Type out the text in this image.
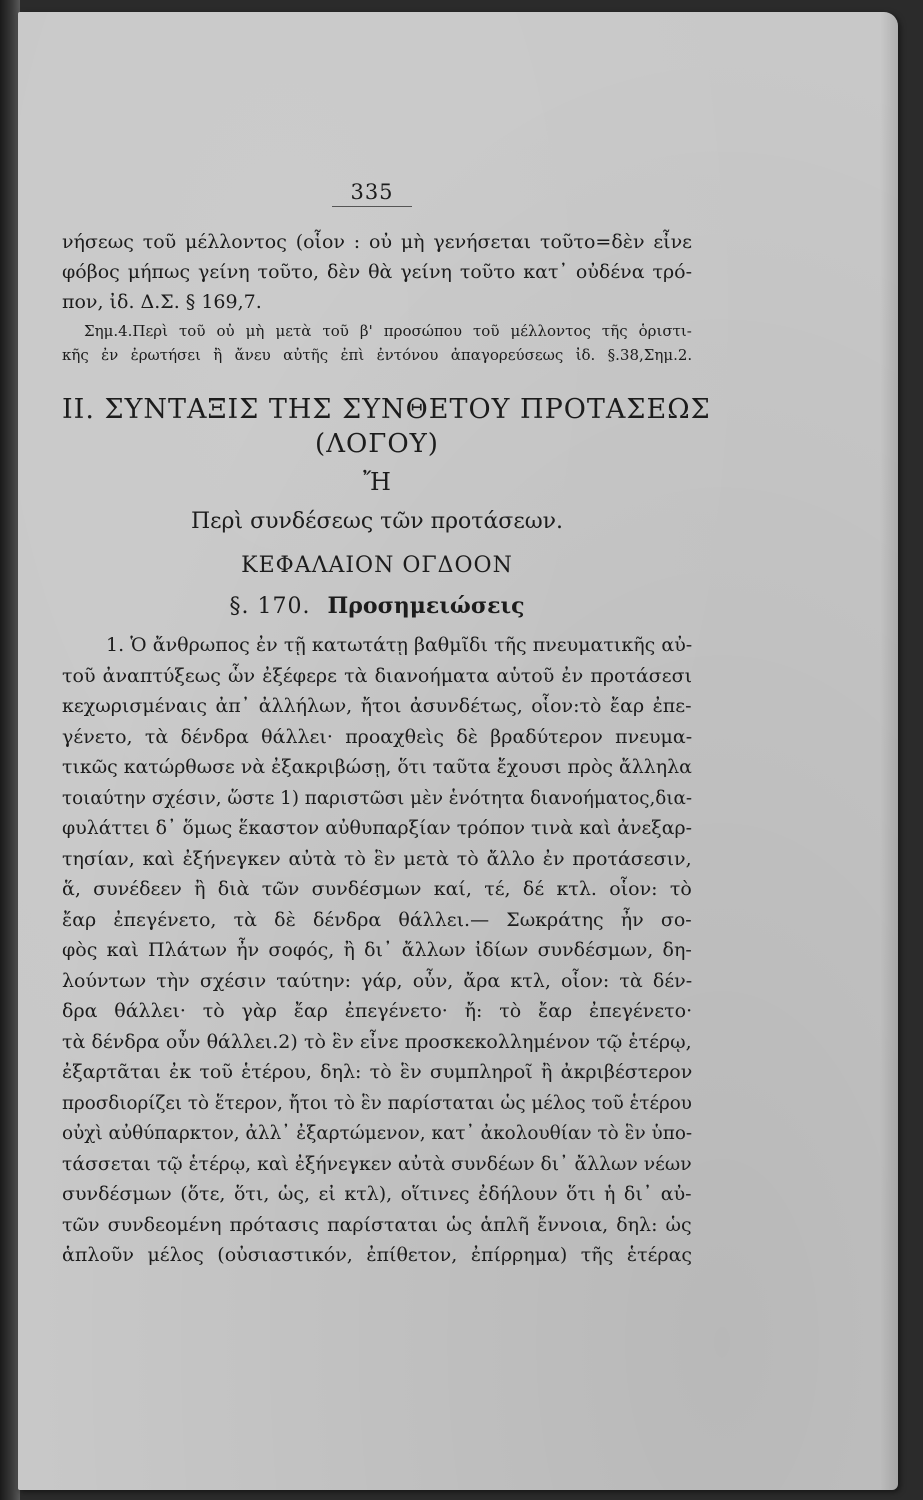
335
νήσεως τοῦ μέλλοντος (οἷον : οὐ μὴ γενήσεται τοῦτο=δὲν εἶνε
φόβος μήπως γείνη τοῦτο, δὲν θὰ γείνη τοῦτο κατ᾽ οὐδένα τρό-
πον, ἰδ. Δ.Σ. § 169,7.
Σημ.4.Περὶ τοῦ οὐ μὴ μετὰ τοῦ β' προσώπου τοῦ μέλλοντος τῆς ὁριστι-
κῆς ἐν ἐρωτήσει ἢ ἄνευ αὐτῆς ἐπὶ ἐντόνου ἀπαγορεύσεως ἰδ. §.38,Σημ.2.
II. ΣΥΝΤΑΞΙΣ ΤΗΣ ΣΥΝΘΕΤΟΥ ΠΡΟΤΑΣΕΩΣ
(ΛΟΓΟΥ)
Ἤ
Περὶ συνδέσεως τῶν προτάσεων.
ΚΕΦΑΛΑΙΟΝ ΟΓΔΟΟΝ
§. 170. Προσημειώσεις
1. Ὁ ἄνθρωπος ἐν τῇ κατωτάτῃ βαθμῖδι τῆς πνευματικῆς αὐ-
τοῦ ἀναπτύξεως ὧν ἐξέφερε τὰ διανοήματα αὑτοῦ ἐν προτάσεσι
κεχωρισμέναις ἀπ᾽ ἀλλήλων, ἤτοι ἀσυνδέτως, οἷον:τὸ ἔαρ ἐπε-
γένετο, τὰ δένδρα θάλλει· προαχθεὶς δὲ βραδύτερον πνευμα-
τικῶς κατώρθωσε νὰ ἐξακριβώσῃ, ὅτι ταῦτα ἔχουσι πρὸς ἄλληλα
τοιαύτην σχέσιν, ὥστε 1) παριστῶσι μὲν ἑνότητα διανοήματος,δια-
φυλάττει δ᾽ ὅμως ἕκαστον αὐθυπαρξίαν τρόπον τινὰ καὶ ἀνεξαρ-
τησίαν, καὶ ἐξήνεγκεν αὐτὰ τὸ ἓν μετὰ τὸ ἄλλο ἐν προτάσεσιν,
ἅ, συνέδεεν ἢ διὰ τῶν συνδέσμων καί, τέ, δέ κτλ. οἷον: τὸ
ἔαρ ἐπεγένετο, τὰ δὲ δένδρα θάλλει.— Σωκράτης ἦν σο-
φὸς καὶ Πλάτων ἦν σοφός, ἢ δι᾽ ἄλλων ἰδίων συνδέσμων, δη-
λούντων τὴν σχέσιν ταύτην: γάρ, οὖν, ἄρα κτλ, οἷον: τὰ δέν-
δρα θάλλει· τὸ γὰρ ἔαρ ἐπεγένετο· ἤ: τὸ ἔαρ ἐπεγένετο·
τὰ δένδρα οὖν θάλλει.2) τὸ ἓν εἶνε προσκεκολλημένον τῷ ἑτέρῳ,
ἐξαρτᾶται ἐκ τοῦ ἑτέρου, δηλ: τὸ ἓν συμπληροῖ ἢ ἀκριβέστερον
προσδιορίζει τὸ ἕτερον, ἤτοι τὸ ἓν παρίσταται ὡς μέλος τοῦ ἑτέρου
οὐχὶ αὐθύπαρκτον, ἀλλ᾽ ἐξαρτώμενον, κατ᾽ ἀκολουθίαν τὸ ἓν ὑπο-
τάσσεται τῷ ἑτέρῳ, καὶ ἐξήνεγκεν αὐτὰ συνδέων δι᾽ ἄλλων νέων
συνδέσμων (ὅτε, ὅτι, ὡς, εἰ κτλ), οἵτινες ἐδήλουν ὅτι ἡ δι᾽ αὐ-
τῶν συνδεομένη πρότασις παρίσταται ὡς ἁπλῆ ἔννοια, δηλ: ὡς
ἁπλοῦν μέλος (οὐσιαστικόν, ἐπίθετον, ἐπίρρημα) τῆς ἑτέρας
